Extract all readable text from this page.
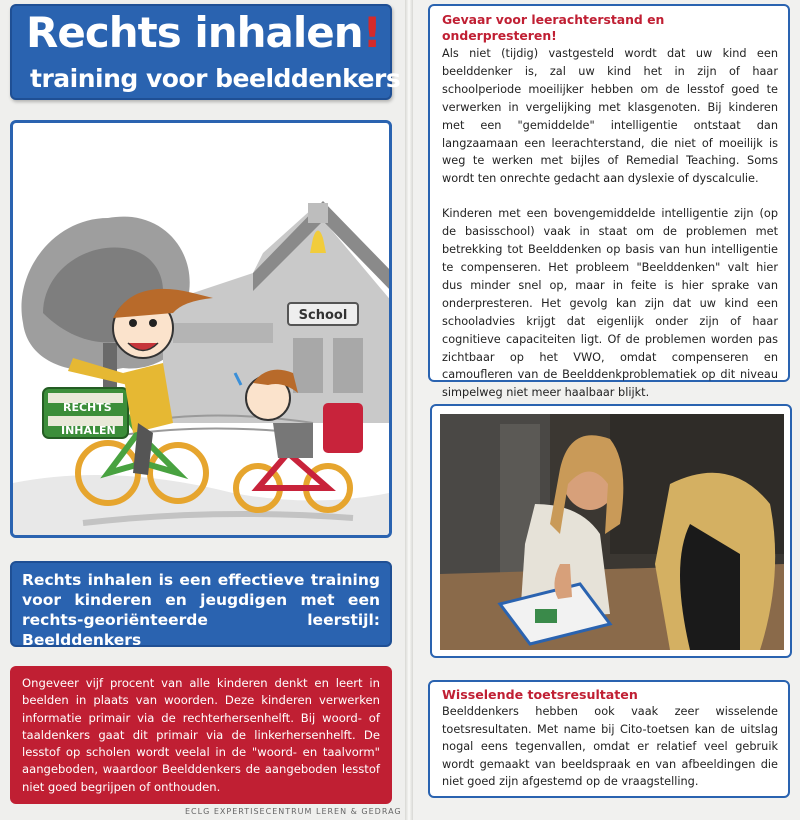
Rechts inhalen!
training voor beelddenkers
School
RECHTS
INHALEN

Rechts inhalen is een effectieve training voor kinderen en jeugdigen met een rechts-georiënteerde leerstijl: Beelddenkers

Ongeveer vijf procent van alle kinderen denkt en leert in beelden in plaats van woorden. Deze kinderen verwerken informatie primair via de rechterhersenhelft. Bij woord- of taaldenkers gaat dit primair via de linkerhersenhelft. De lesstof op scholen wordt veelal in de "woord- en taalvorm" aangeboden, waardoor Beelddenkers de aangeboden lesstof niet goed begrijpen of onthouden.

ECLG EXPERTISECENTRUM LEREN & GEDRAG
Gevaar voor leerachterstand en onderpresteren!

Als niet (tijdig) vastgesteld wordt dat uw kind een beelddenker is, zal uw kind het in zijn of haar schoolperiode moeilijker hebben om de lesstof goed te verwerken in vergelijking met klasgenoten. Bij kinderen met een "gemiddelde" intelligentie ontstaat dan langzaamaan een leerachterstand, die niet of moeilijk is weg te werken met bijles of Remedial Teaching. Soms wordt ten onrechte gedacht aan dyslexie of dyscalculie.

Kinderen met een bovengemiddelde intelligentie zijn (op de basisschool) vaak in staat om de problemen met betrekking tot Beelddenken op basis van hun intelligentie te compenseren. Het probleem "Beelddenken" valt hier dus minder snel op, maar in feite is hier sprake van onderpresteren. Het gevolg kan zijn dat uw kind een schooladvies krijgt dat eigenlijk onder zijn of haar cognitieve capaciteiten ligt. Of de problemen worden pas zichtbaar op het VWO, omdat compenseren en camoufleren van de Beelddenkproblematiek op dit niveau simpelweg niet meer haalbaar blijkt.

Wisselende toetsresultaten

Beelddenkers hebben ook vaak zeer wisselende toetsresultaten. Met name bij Cito-toetsen kan de uitslag nogal eens tegenvallen, omdat er relatief veel gebruik wordt gemaakt van beeldspraak en van afbeeldingen die niet goed zijn afgestemd op de vraagstelling.
